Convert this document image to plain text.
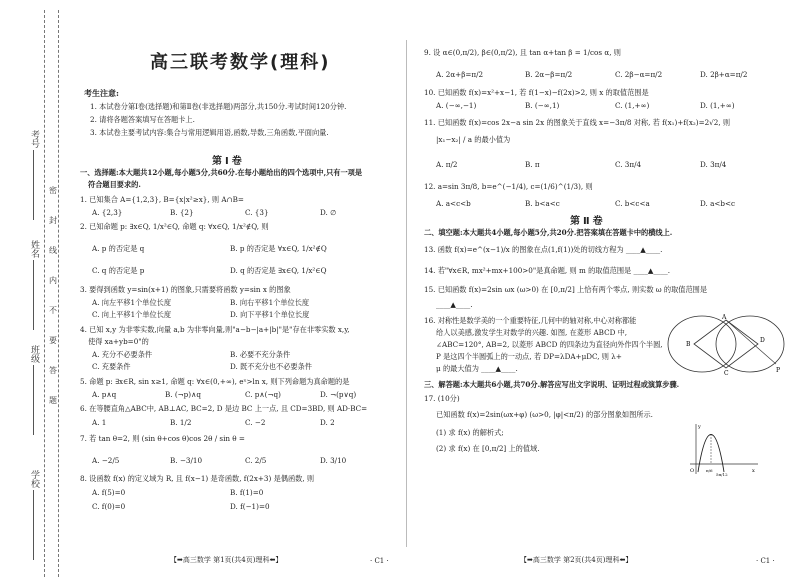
考号
姓名
班级
学校
密
封
线
内
不
要
答
题
高三联考数学(理科)
考生注意:
1. 本试卷分第Ⅰ卷(选择题)和第Ⅱ卷(非选择题)两部分,共150分.考试时间120分钟.
2. 请将各题答案填写在答题卡上.
3. 本试卷主要考试内容:集合与常用逻辑用语,函数,导数,三角函数,平面向量.
第Ⅰ卷
一、选择题:本大题共12小题,每小题5分,共60分.在每小题给出的四个选项中,只有一项是
符合题目要求的.
1. 已知集合 A={1,2,3}, B={x|x²≥x}, 则 A∩B=
A. {2,3}	B. {2}	C. {3}	D. ∅
2. 已知命题 p: ∃x∈Q, 1/x²∈Q, 命题 q: ∀x∈Q, 1/x²∉Q, 则
A. p 的否定是 q	B. p 的否定是 ∀x∈Q, 1/x²∉Q
C. q 的否定是 p	D. q 的否定是 ∃x∈Q, 1/x²∈Q
3. 要得到函数 y=sin(x+1) 的图象,只需要将函数 y=sin x 的图象
A. 向左平移1个单位长度	B. 向右平移1个单位长度
C. 向上平移1个单位长度	D. 向下平移1个单位长度
4. 已知 x,y 为非零实数,向量 a,b 为非零向量,则"a−b−|a+|b|"是"存在非零实数 x,y,
使得 xa+yb=0"的
A. 充分不必要条件	B. 必要不充分条件
C. 充要条件	D. 既不充分也不必要条件
5. 命题 p: ∃x∈R, sin x≥1, 命题 q: ∀x∈(0,+∞), eˣ>ln x, 则下列命题为真命题的是
A. p∧q	B. (¬p)∧q	C. p∧(¬q)	D. ¬(p∨q)
6. 在等腰直角△ABC中, AB⊥AC, BC=2, D 是边 BC 上一点, 且 CD=3BD, 则 AD·BC=
A. 1	B. 1/2	C. −2	D. 2
7. 若 tan θ=2, 则 (sin θ+cos θ)cos 2θ / sin θ =
A. −2/5	B. −3/10	C. 2/5	D. 3/10
8. 设函数 f(x) 的定义域为 R, 且 f(x−1) 是奇函数, f(2x+3) 是偶函数, 则
A. f(5)=0	B. f(1)=0
C. f(0)=0	D. f(−1)=0
【➡高三数学 第1页(共4页)理科⬅】	· C1 ·
9. 设 α∈(0,π/2), β∈(0,π/2), 且 tan α+tan β = 1/cos α, 则
A. 2α+β=π/2	B. 2α−β=π/2	C. 2β−α=π/2	D. 2β+α=π/2
10. 已知函数 f(x)=x²+x−1, 若 f(1−x)−f(2x)>2, 则 x 的取值范围是
A. (−∞,−1)	B. (−∞,1)	C. (1,+∞)	D. (1,+∞)
11. 已知函数 f(x)=cos 2x−a sin 2x 的图象关于直线 x=−3π/8 对称, 若 f(x₁)+f(x₂)=2√2, 则
|x₁−x₂| / a 的最小值为
A. π/2	B. π	C. 3π/4	D. 3π/4
12. a=sin 3π/8, b=e^(−1/4), c=(1/6)^(1/3), 则
A. a<c<b	B. b<a<c	C. b<c<a	D. a<b<c
第Ⅱ卷
二、填空题:本大题共4小题,每小题5分,共20分.把答案填在答题卡中的横线上.
13. 函数 f(x)=e^(x−1)/x 的图象在点(1,f(1))处的切线方程为 ____▲____.
14. 若"∀x∈R, mx²+mx+100>0"是真命题, 则 m 的取值范围是 ____▲____.
15. 已知函数 f(x)=2sin ωx (ω>0) 在 [0,π/2] 上恰有两个零点, 则实数 ω 的取值范围是
____▲____.
16. 对称性是数学美的一个重要特征,几何中的轴对称,中心对称都能
给人以美感,激发学生对数学的兴趣. 如图, 在菱形 ABCD 中,
∠ABC=120°, AB=2, 以菱形 ABCD 的四条边为直径向外作四个半圆,
P 是这四个半圆弧上的一动点, 若 DP=λDA+μDC, 则 λ+
μ 的最大值为 ____▲____.
A
B
C
D
P
三、解答题:本大题共6小题,共70分.解答应写出文字说明、证明过程或演算步骤.
17. (10分)
已知函数 f(x)=2sin(ωx+φ) (ω>0, |φ|<π/2) 的部分图象如图所示.
(1) 求 f(x) 的解析式;
(2) 求 f(x) 在 [0,π/2] 上的值域.
y
x
O	π/6
5π/12
【➡高三数学 第2页(共4页)理科⬅】	· C1 ·
